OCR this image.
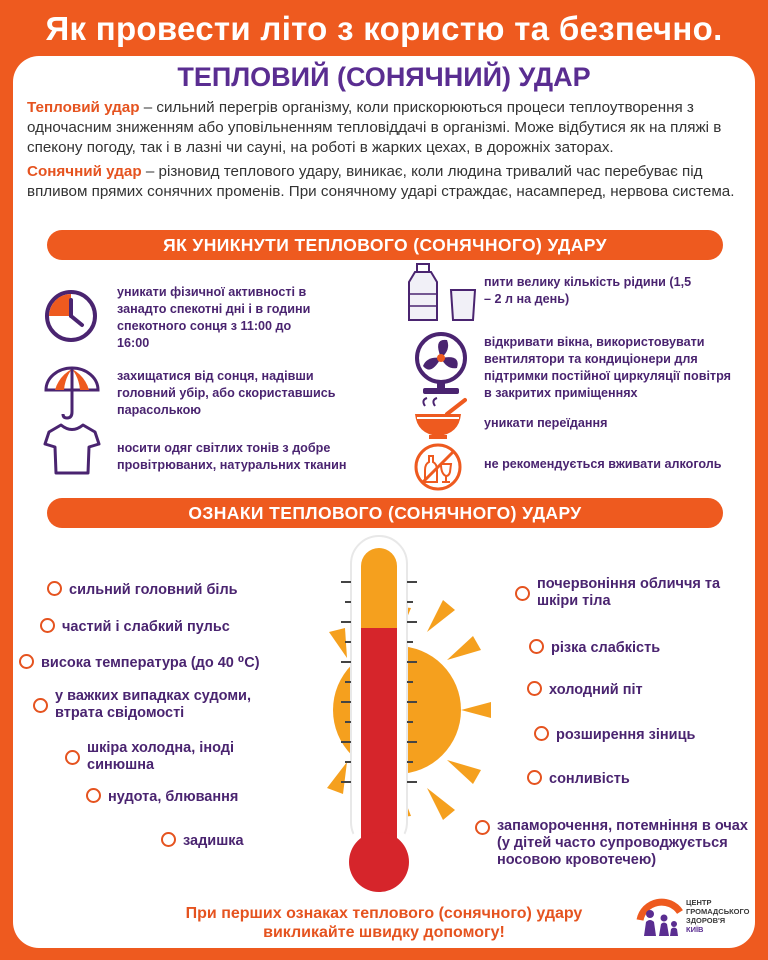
Як провести літо з користю та безпечно.
ТЕПЛОВИЙ (СОНЯЧНИЙ) УДАР

Тепловий удар – сильний перегрів організму, коли прискорюються процеси теплоутворення з одночасним зниженням або уповільненням тепловіддачі в організмі. Може відбутися як на пляжі в спекону погоду, так і в лазні чи сауні, на роботі в жарких цехах, в дорожніх заторах.

Сонячний удар – різновид теплового удару, виникає, коли людина тривалий час перебуває під впливом прямих сонячних променів. При сонячному ударі страждає, насамперед, нервова система.

ЯК УНИКНУТИ ТЕПЛОВОГО (СОНЯЧНОГО) УДАРУ
уникати фізичної активності в занадто спекотні дні і в години спекотного сонця з 11:00 до 16:00
захищатися від сонця, надівши головний убір, або скориставшись парасолькою
носити одяг світлих тонів з добре провітрюваних, натуральних тканин
пити велику кількість рідини (1,5 – 2 л на день)
відкривати вікна, використовувати вентилятори та кондиціонери для підтримки постійної циркуляції повітря в закритих приміщеннях
уникати переїдання
не рекомендується вживати алкоголь
ОЗНАКИ ТЕПЛОВОГО (СОНЯЧНОГО) УДАРУ
сильний головний біль
частий і слабкий пульс
висока температура (до 40 ⁰С)
у важких випадках судоми, втрата свідомості
шкіра холодна, іноді синюшна
нудота, блювання
задишка
почервоніння обличчя та шкіри тіла
різка слабкість
холодний піт
розширення зіниць
сонливість
запаморочення, потемніння в очах (у дітей часто супроводжується носовою кровотечею)
При перших ознаках теплового (сонячного) удару
викликайте швидку допомогу!
ЦЕНТР
ГРОМАДСЬКОГО
ЗДОРОВ'Я
КИЇВ
